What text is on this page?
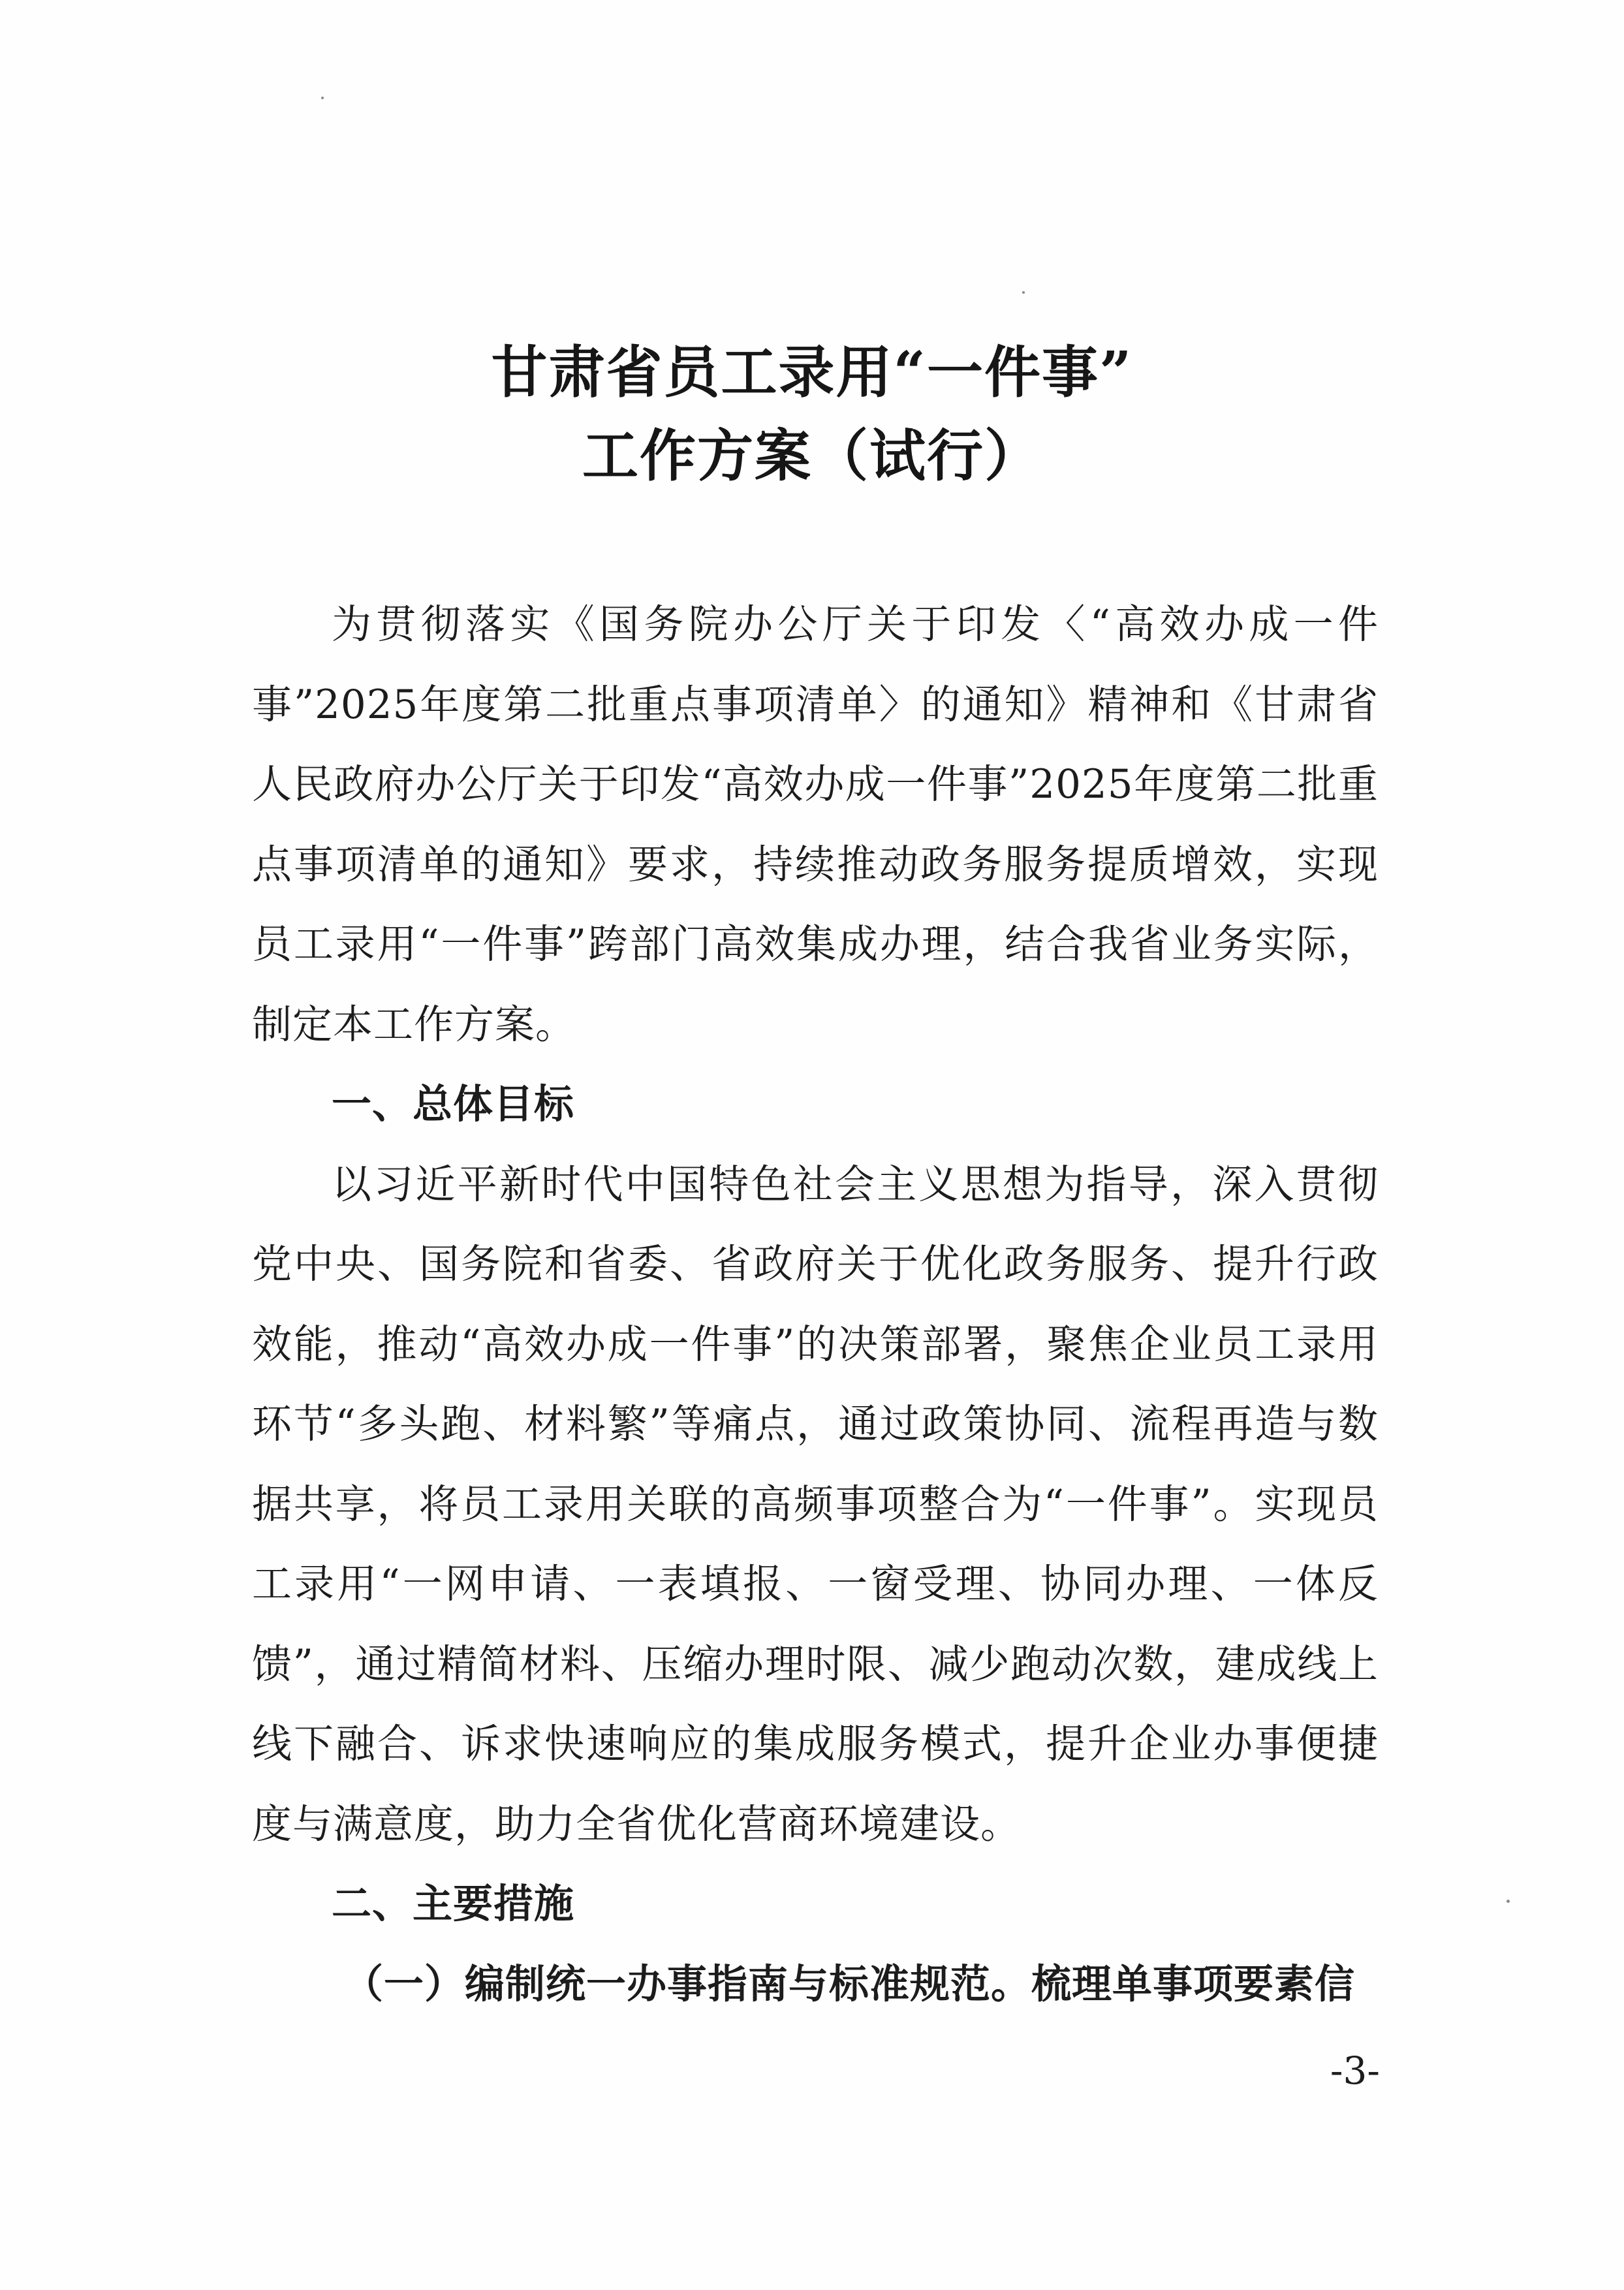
甘肃省员工录用“一件事”
工作方案（试行）

为贯彻落实《国务院办公厅关于印发〈“高效办成一件事”2025年度第二批重点事项清单〉的通知》精神和《甘肃省人民政府办公厅关于印发“高效办成一件事”2025年度第二批重点事项清单的通知》要求，持续推动政务服务提质增效，实现员工录用“一件事”跨部门高效集成办理，结合我省业务实际，制定本工作方案。

一、总体目标

以习近平新时代中国特色社会主义思想为指导，深入贯彻党中央、国务院和省委、省政府关于优化政务服务、提升行政效能，推动“高效办成一件事”的决策部署，聚焦企业员工录用环节“多头跑、材料繁”等痛点，通过政策协同、流程再造与数据共享，将员工录用关联的高频事项整合为“一件事”。实现员工录用“一网申请、一表填报、一窗受理、协同办理、一体反馈”，通过精简材料、压缩办理时限、减少跑动次数，建成线上线下融合、诉求快速响应的集成服务模式，提升企业办事便捷度与满意度，助力全省优化营商环境建设。

二、主要措施

（一）编制统一办事指南与标准规范。梳理单事项要素信

-3-
